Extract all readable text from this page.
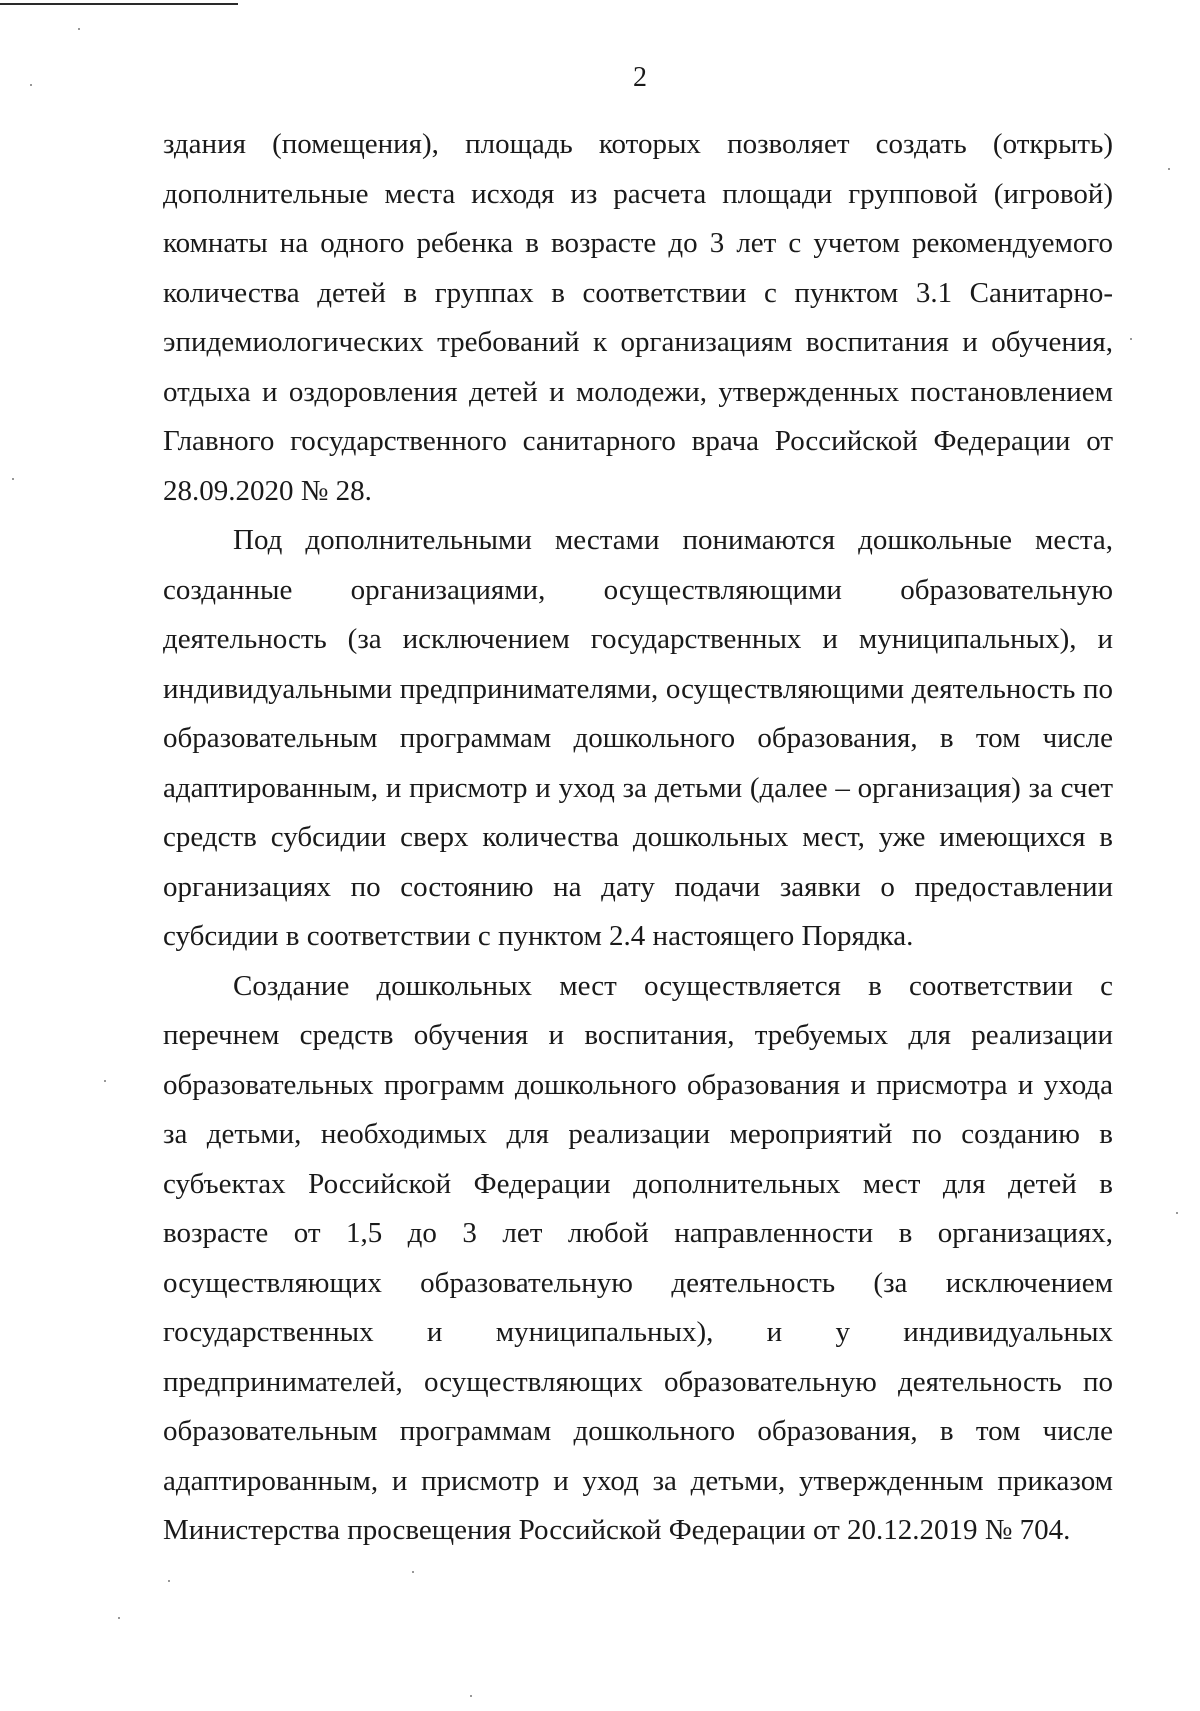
2

здания (помещения), площадь которых позволяет создать (открыть) дополнительные места исходя из расчета площади групповой (игровой) комнаты на одного ребенка в возрасте до 3 лет с учетом рекомендуемого количества детей в группах в соответствии с пунктом 3.1 Санитарно-эпидемиологических требований к организациям воспитания и обучения, отдыха и оздоровления детей и молодежи, утвержденных постановлением Главного государственного санитарного врача Российской Федерации от 28.09.2020 № 28.

Под дополнительными местами понимаются дошкольные места, созданные организациями, осуществляющими образовательную деятельность (за исключением государственных и муниципальных), и индивидуальными предпринимателями, осуществляющими деятельность по образовательным программам дошкольного образования, в том числе адаптированным, и присмотр и уход за детьми (далее – организация) за счет средств субсидии сверх количества дошкольных мест, уже имеющихся в организациях по состоянию на дату подачи заявки о предоставлении субсидии в соответствии с пунктом 2.4 настоящего Порядка.

Создание дошкольных мест осуществляется в соответствии с перечнем средств обучения и воспитания, требуемых для реализации образовательных программ дошкольного образования и присмотра и ухода за детьми, необходимых для реализации мероприятий по созданию в субъектах Российской Федерации дополнительных мест для детей в возрасте от 1,5 до 3 лет любой направленности в организациях, осуществляющих образовательную деятельность (за исключением государственных и муниципальных), и у индивидуальных предпринимателей, осуществляющих образовательную деятельность по образовательным программам дошкольного образования, в том числе адаптированным, и присмотр и уход за детьми, утвержденным приказом Министерства просвещения Российской Федерации от 20.12.2019 № 704.
